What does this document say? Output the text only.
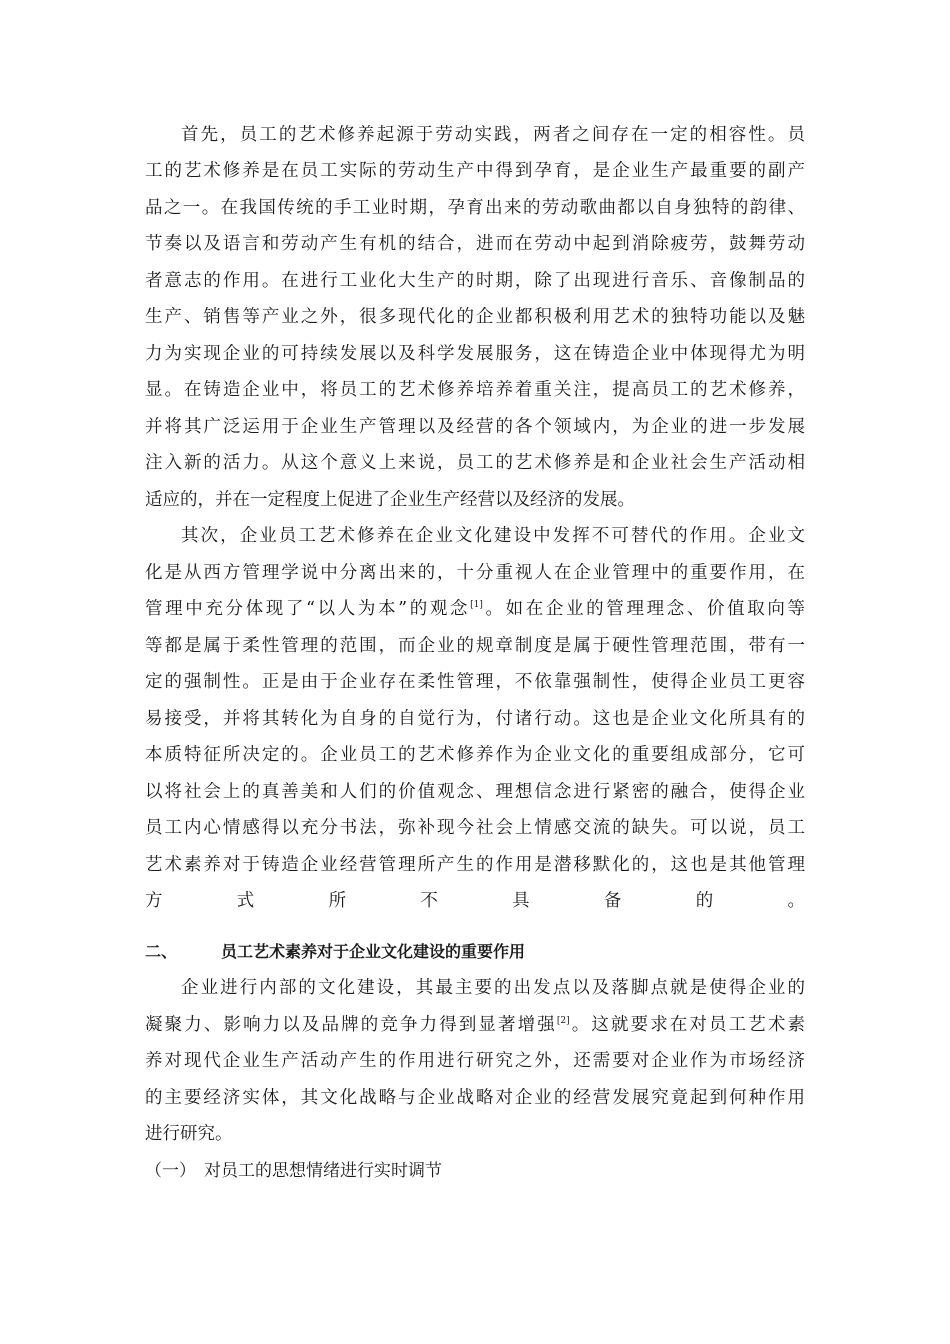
首先，员工的艺术修养起源于劳动实践，两者之间存在一定的相容性。员
工的艺术修养是在员工实际的劳动生产中得到孕育，是企业生产最重要的副产
品之一。在我国传统的手工业时期，孕育出来的劳动歌曲都以自身独特的韵律、
节奏以及语言和劳动产生有机的结合，进而在劳动中起到消除疲劳，鼓舞劳动
者意志的作用。在进行工业化大生产的时期，除了出现进行音乐、音像制品的
生产、销售等产业之外，很多现代化的企业都积极利用艺术的独特功能以及魅
力为实现企业的可持续发展以及科学发展服务，这在铸造企业中体现得尤为明
显。在铸造企业中，将员工的艺术修养培养着重关注，提高员工的艺术修养，
并将其广泛运用于企业生产管理以及经营的各个领域内，为企业的进一步发展
注入新的活力。从这个意义上来说，员工的艺术修养是和企业社会生产活动相
适应的，并在一定程度上促进了企业生产经营以及经济的发展。
其次，企业员工艺术修养在企业文化建设中发挥不可替代的作用。企业文
化是从西方管理学说中分离出来的，十分重视人在企业管理中的重要作用，在
管理中充分体现了“以人为本”的观念[1]。如在企业的管理理念、价值取向等
等都是属于柔性管理的范围，而企业的规章制度是属于硬性管理范围，带有一
定的强制性。正是由于企业存在柔性管理，不依靠强制性，使得企业员工更容
易接受，并将其转化为自身的自觉行为，付诸行动。这也是企业文化所具有的
本质特征所决定的。企业员工的艺术修养作为企业文化的重要组成部分，它可
以将社会上的真善美和人们的价值观念、理想信念进行紧密的融合，使得企业
员工内心情感得以充分书法，弥补现今社会上情感交流的缺失。可以说，员工
艺术素养对于铸造企业经营管理所产生的作用是潜移默化的，这也是其他管理
方式所不具备的。
二、	员工艺术素养对于企业文化建设的重要作用
企业进行内部的文化建设，其最主要的出发点以及落脚点就是使得企业的
凝聚力、影响力以及品牌的竞争力得到显著增强[2]。这就要求在对员工艺术素
养对现代企业生产活动产生的作用进行研究之外，还需要对企业作为市场经济
的主要经济实体，其文化战略与企业战略对企业的经营发展究竟起到何种作用
进行研究。
（一） 对员工的思想情绪进行实时调节
